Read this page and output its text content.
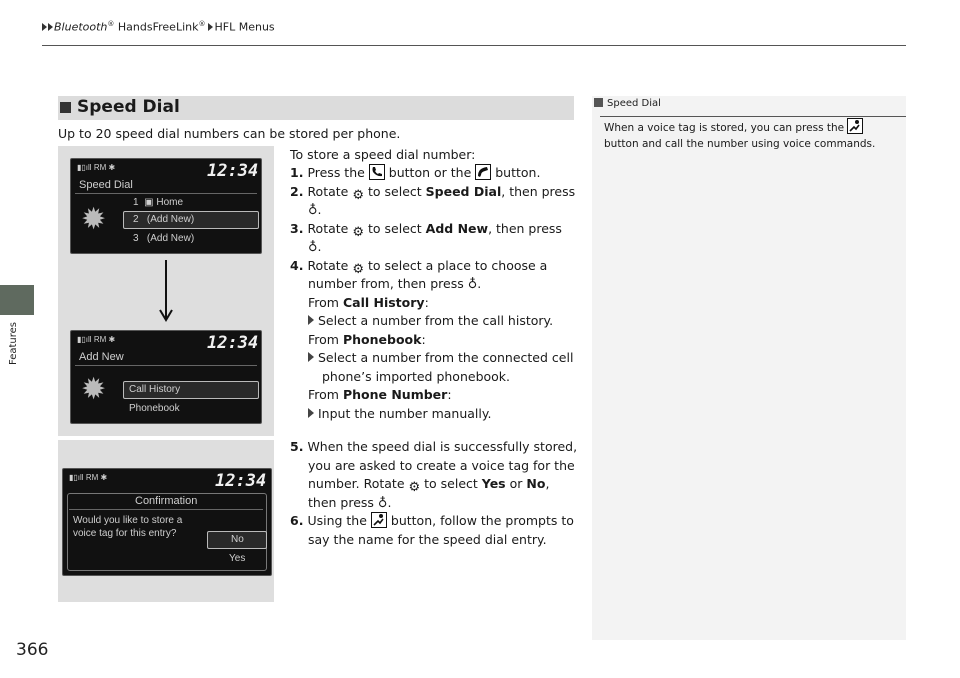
Bluetooth® HandsFreeLink® HFL Menus
Features
366
Speed Dial
Up to 20 speed dial numbers can be stored per phone.
▮▯ıll RM ✱	12:34
Speed Dial
✹	1  ▣ Home
2 (Add New)
3 (Add New)
▮▯ıll RM ✱	12:34
Add New
✹ Call History
Phonebook
▮▯ıll RM ✱	12:34
Confirmation
Would you like to store a
voice tag for this entry?
No
Yes
To store a speed dial number:
1. Press the button or the button.
2. Rotate ⚙ to select Speed Dial, then press
♁.
3. Rotate ⚙ to select Add New, then press
♁.
4. Rotate ⚙ to select a place to choose a
number from, then press ♁.
From Call History:
Select a number from the call history.
From Phonebook:
Select a number from the connected cell
phone’s imported phonebook.
From Phone Number:
Input the number manually.
5. When the speed dial is successfully stored,
you are asked to create a voice tag for the
number. Rotate ⚙ to select Yes or No,
then press ♁.
6. Using the button, follow the prompts to
say the name for the speed dial entry.
Speed Dial
When a voice tag is stored, you can press the
button and call the number using voice commands.
